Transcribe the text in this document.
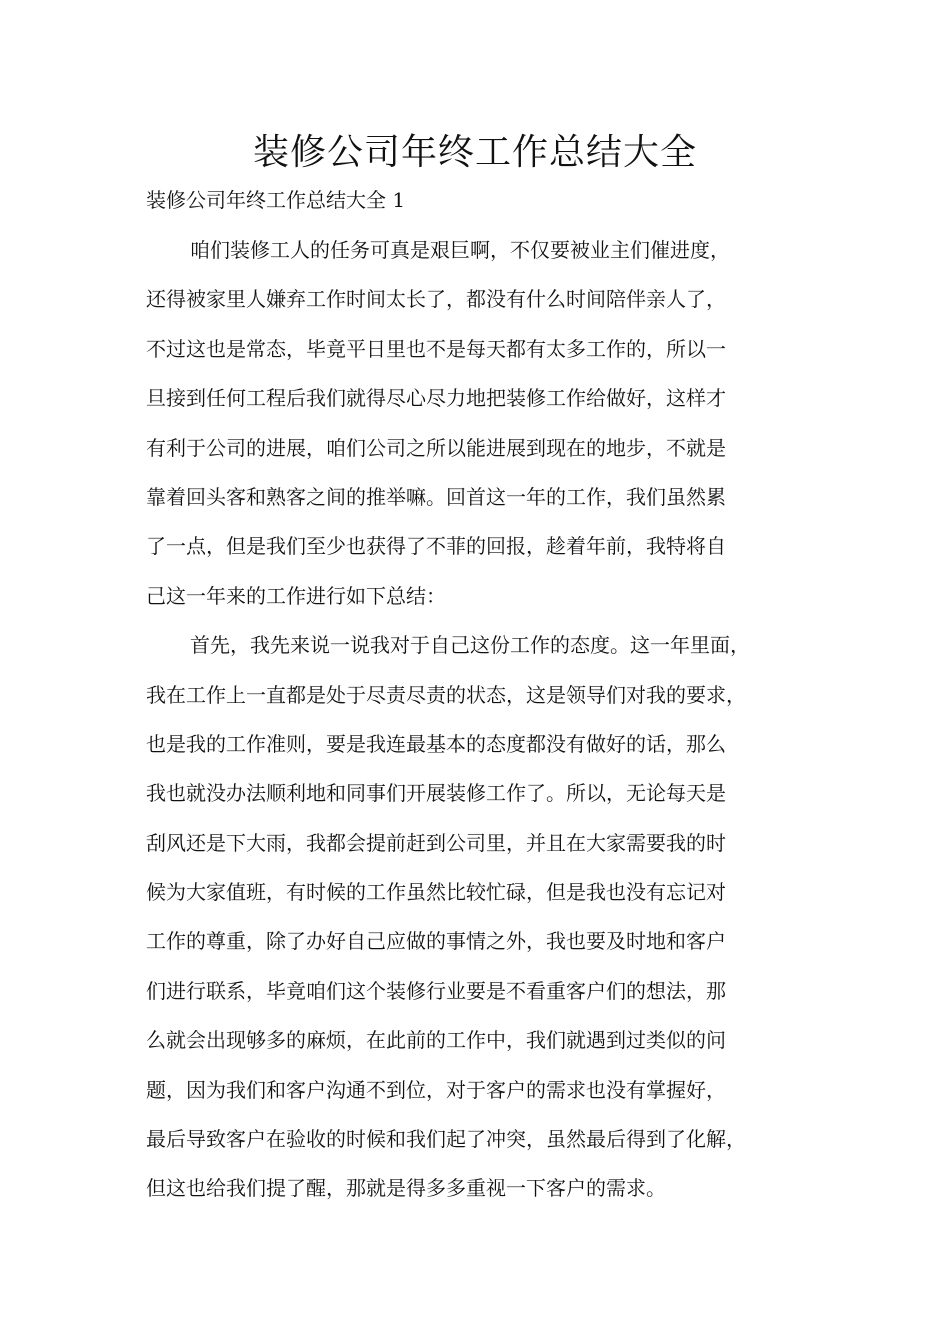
装修公司年终工作总结大全
装修公司年终工作总结大全 1
咱们装修工人的任务可真是艰巨啊，不仅要被业主们催进度，
还得被家里人嫌弃工作时间太长了，都没有什么时间陪伴亲人了，
不过这也是常态，毕竟平日里也不是每天都有太多工作的，所以一
旦接到任何工程后我们就得尽心尽力地把装修工作给做好，这样才
有利于公司的进展，咱们公司之所以能进展到现在的地步，不就是
靠着回头客和熟客之间的推举嘛。回首这一年的工作，我们虽然累
了一点，但是我们至少也获得了不菲的回报，趁着年前，我特将自
己这一年来的工作进行如下总结：
首先，我先来说一说我对于自己这份工作的态度。这一年里面，
我在工作上一直都是处于尽责尽责的状态，这是领导们对我的要求，
也是我的工作准则，要是我连最基本的态度都没有做好的话，那么
我也就没办法顺利地和同事们开展装修工作了。所以，无论每天是
刮风还是下大雨，我都会提前赶到公司里，并且在大家需要我的时
候为大家值班，有时候的工作虽然比较忙碌，但是我也没有忘记对
工作的尊重，除了办好自己应做的事情之外，我也要及时地和客户
们进行联系，毕竟咱们这个装修行业要是不看重客户们的想法，那
么就会出现够多的麻烦，在此前的工作中，我们就遇到过类似的问
题，因为我们和客户沟通不到位，对于客户的需求也没有掌握好，
最后导致客户在验收的时候和我们起了冲突，虽然最后得到了化解，
但这也给我们提了醒，那就是得多多重视一下客户的需求。
